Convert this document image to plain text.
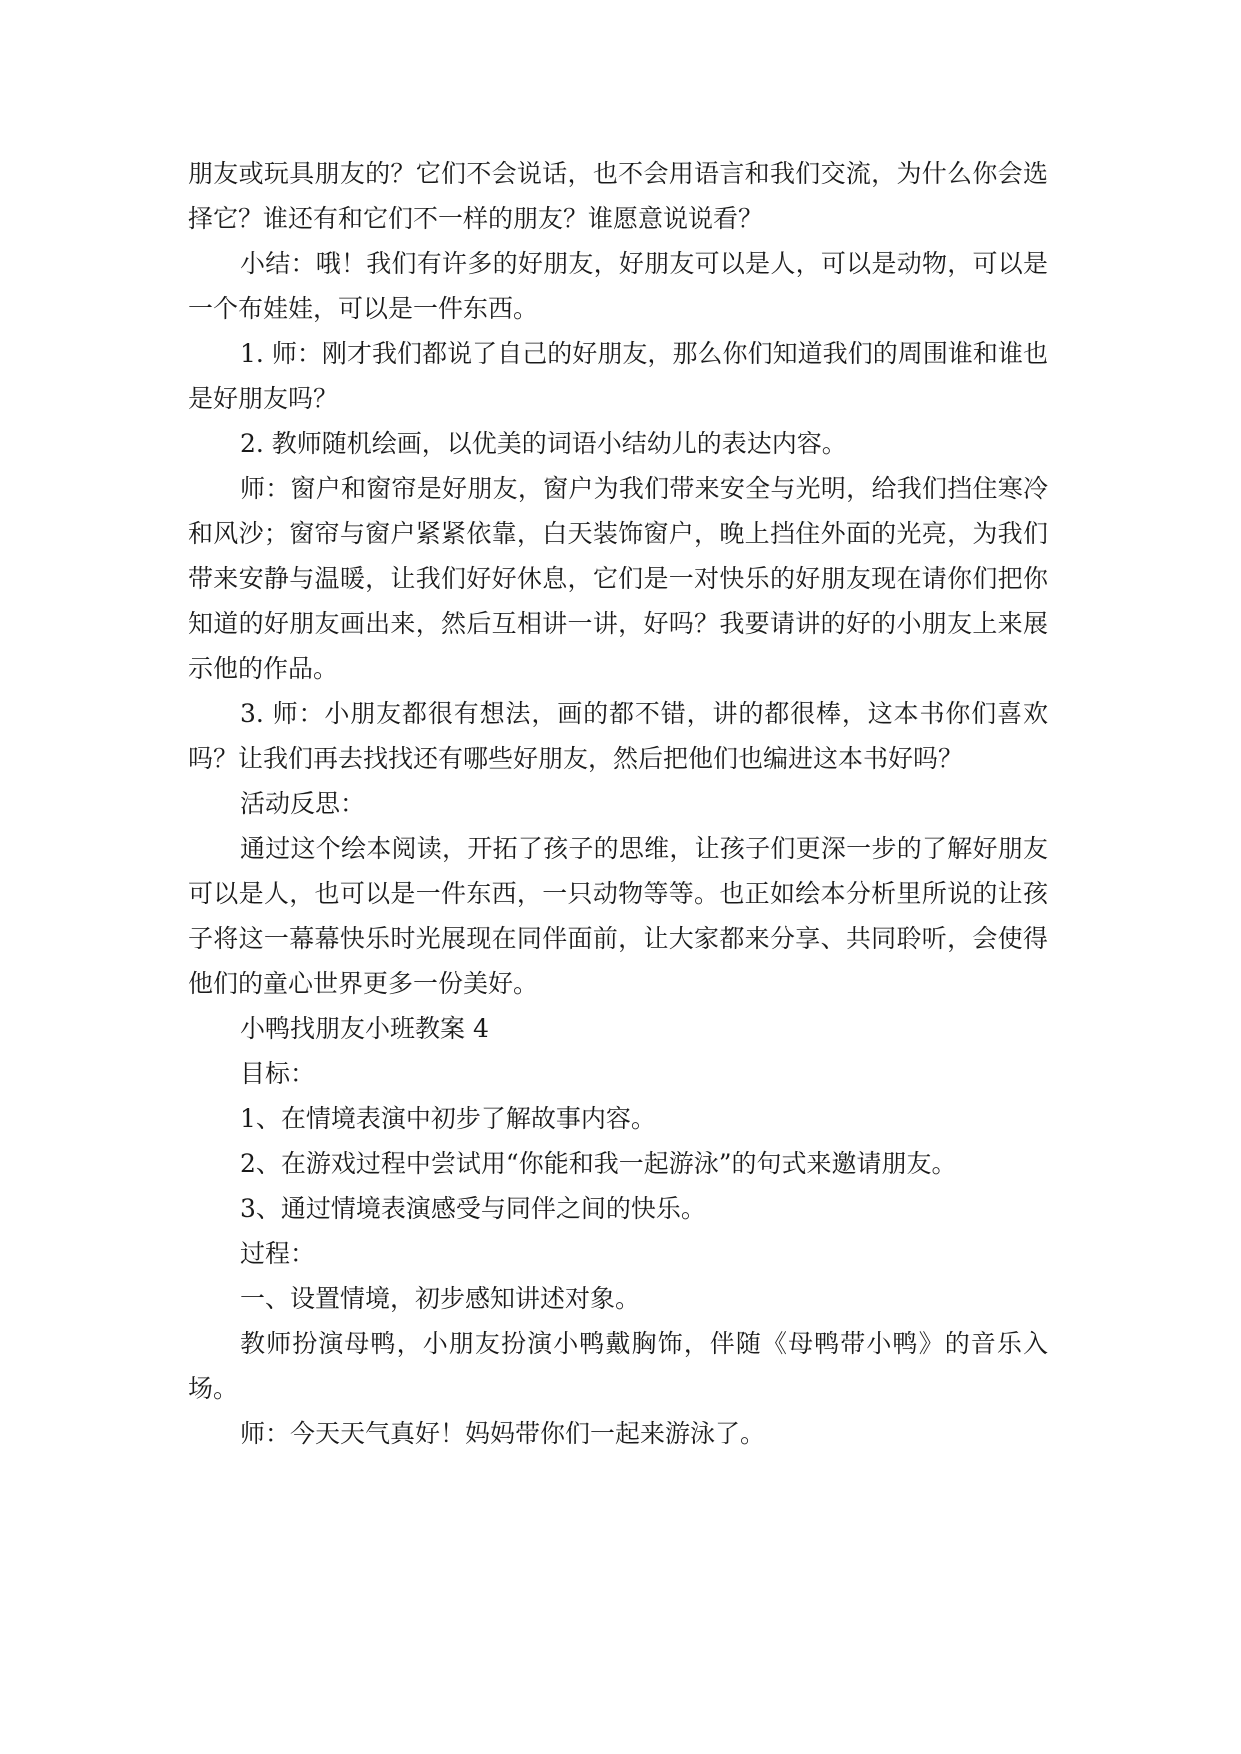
朋友或玩具朋友的？它们不会说话，也不会用语言和我们交流，为什么你会选择它？谁还有和它们不一样的朋友？谁愿意说说看？

小结：哦！我们有许多的好朋友，好朋友可以是人，可以是动物，可以是一个布娃娃，可以是一件东西。

1. 师：刚才我们都说了自己的好朋友，那么你们知道我们的周围谁和谁也是好朋友吗？

2. 教师随机绘画，以优美的词语小结幼儿的表达内容。

师：窗户和窗帘是好朋友，窗户为我们带来安全与光明，给我们挡住寒冷和风沙；窗帘与窗户紧紧依靠，白天装饰窗户，晚上挡住外面的光亮，为我们带来安静与温暖，让我们好好休息，它们是一对快乐的好朋友现在请你们把你知道的好朋友画出来，然后互相讲一讲，好吗？我要请讲的好的小朋友上来展示他的作品。

3. 师：小朋友都很有想法，画的都不错，讲的都很棒，这本书你们喜欢吗？让我们再去找找还有哪些好朋友，然后把他们也编进这本书好吗？

活动反思：

通过这个绘本阅读，开拓了孩子的思维，让孩子们更深一步的了解好朋友可以是人，也可以是一件东西，一只动物等等。也正如绘本分析里所说的让孩子将这一幕幕快乐时光展现在同伴面前，让大家都来分享、共同聆听，会使得他们的童心世界更多一份美好。

小鸭找朋友小班教案 4

目标：

1、在情境表演中初步了解故事内容。

2、在游戏过程中尝试用“你能和我一起游泳”的句式来邀请朋友。

3、通过情境表演感受与同伴之间的快乐。

过程：

一、设置情境，初步感知讲述对象。

教师扮演母鸭，小朋友扮演小鸭戴胸饰，伴随《母鸭带小鸭》的音乐入场。

师：今天天气真好！妈妈带你们一起来游泳了。
